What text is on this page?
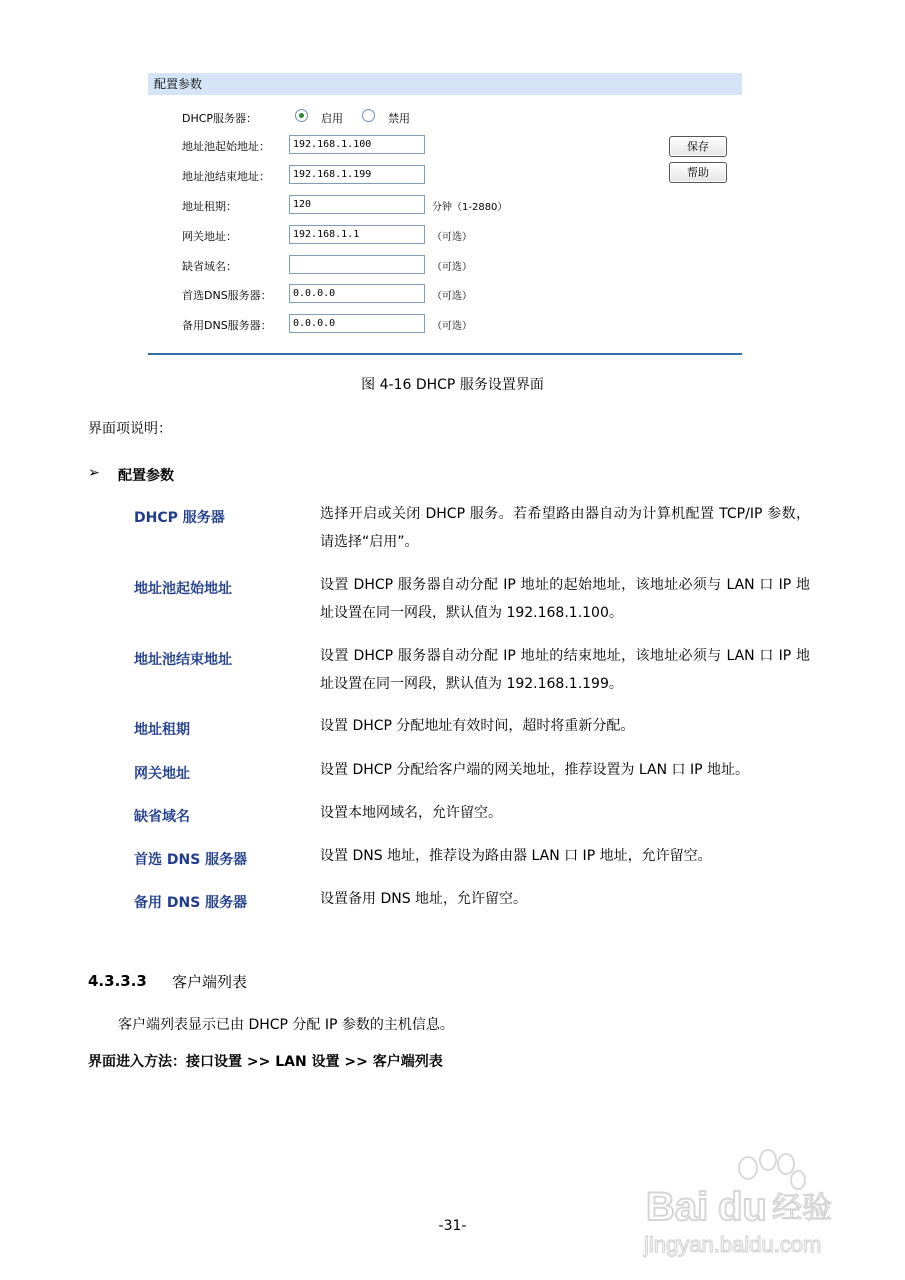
配置参数
DHCP服务器：	启用	禁用
地址池起始地址：	192.168.1.100
地址池结束地址：	192.168.1.199
地址租期：	120	分钟（1-2880）
网关地址：	192.168.1.1	（可选）
缺省域名：	（可选）
首选DNS服务器：	0.0.0.0	（可选）
备用DNS服务器：	0.0.0.0	（可选）
保存
帮助
图 4-16 DHCP 服务设置界面
界面项说明：
➢ 配置参数
DHCP 服务器	选择开启或关闭 DHCP 服务。若希望路由器自动为计算机配置 TCP/IP 参数，请选择“启用”。
地址池起始地址	设置 DHCP 服务器自动分配 IP 地址的起始地址，该地址必须与 LAN 口 IP 地址设置在同一网段，默认值为 192.168.1.100。
地址池结束地址	设置 DHCP 服务器自动分配 IP 地址的结束地址，该地址必须与 LAN 口 IP 地址设置在同一网段，默认值为 192.168.1.199。
地址租期	设置 DHCP 分配地址有效时间，超时将重新分配。
网关地址	设置 DHCP 分配给客户端的网关地址，推荐设置为 LAN 口 IP 地址。
缺省域名	设置本地网域名，允许留空。
首选 DNS 服务器	设置 DNS 地址，推荐设为路由器 LAN 口 IP 地址，允许留空。
备用 DNS 服务器	设置备用 DNS 地址，允许留空。
4.3.3.3 客户端列表
客户端列表显示已由 DHCP 分配 IP 参数的主机信息。
界面进入方法：接口设置 >> LAN 设置 >> 客户端列表
-31-	Bai du 经验
jingyan.baidu.com
